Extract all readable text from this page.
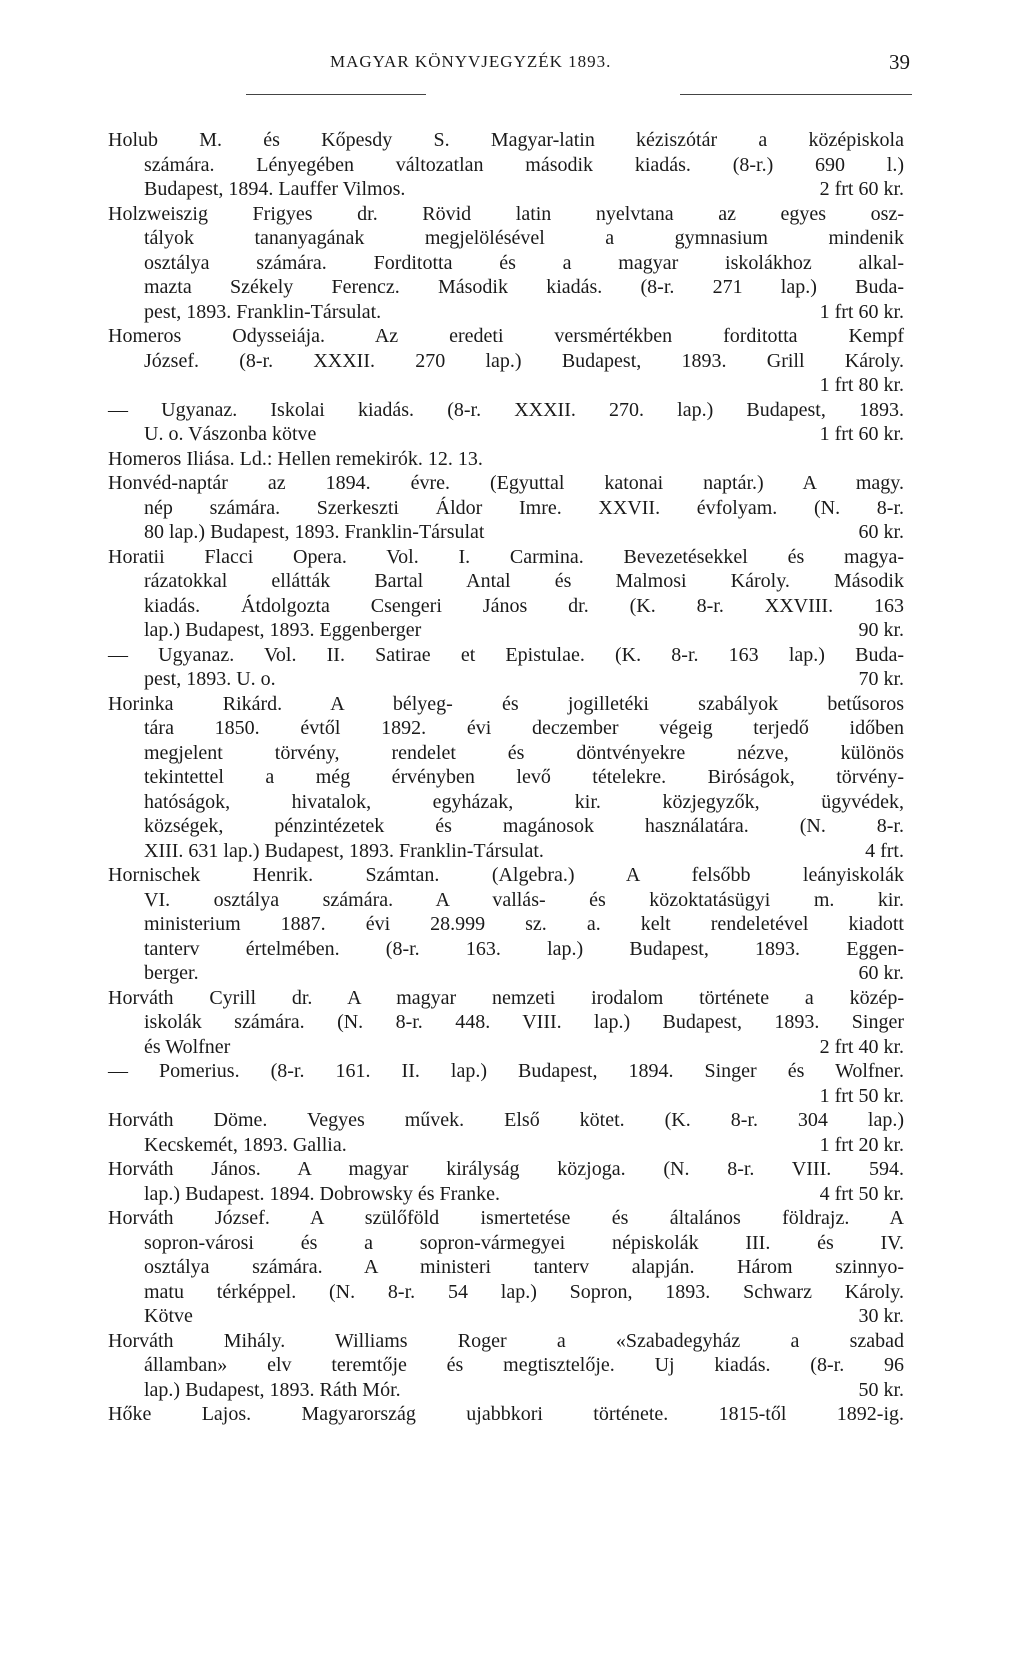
MAGYAR KÖNYVJEGYZÉK 1893.	39
Holub M. és Kőpesdy S. Magyar-latin kéziszótár a középiskola
számára. Lényegében változatlan második kiadás. (8-r.) 690 l.)
Budapest, 1894. Lauffer Vilmos.	2 frt 60 kr.
Holzweiszig Frigyes dr. Rövid latin nyelvtana az egyes osz-
tályok tananyagának megjelölésével a gymnasium mindenik
osztálya számára. Forditotta és a magyar iskolákhoz alkal-
mazta Székely Ferencz. Második kiadás. (8-r. 271 lap.) Buda-
pest, 1893. Franklin-Társulat.	1 frt 60 kr.
Homeros Odysseiája. Az eredeti versmértékben forditotta Kempf
József. (8-r. XXXII. 270 lap.) Budapest, 1893. Grill Károly.
1 frt 80 kr.
— Ugyanaz. Iskolai kiadás. (8-r. XXXII. 270. lap.) Budapest, 1893.
U. o. Vászonba kötve	1 frt 60 kr.
Homeros Iliása. Ld.: Hellen remekirók. 12. 13.
Honvéd-naptár az 1894. évre. (Egyuttal katonai naptár.) A magy.
nép számára. Szerkeszti Áldor Imre. XXVII. évfolyam. (N. 8-r.
80 lap.) Budapest, 1893. Franklin-Társulat	60 kr.
Horatii Flacci Opera. Vol. I. Carmina. Bevezetésekkel és magya-
rázatokkal ellátták Bartal Antal és Malmosi Károly. Második
kiadás. Átdolgozta Csengeri János dr. (K. 8-r. XXVIII. 163
lap.) Budapest, 1893. Eggenberger	90 kr.
— Ugyanaz. Vol. II. Satirae et Epistulae. (K. 8-r. 163 lap.) Buda-
pest, 1893. U. o.	70 kr.
Horinka Rikárd. A bélyeg- és jogilletéki szabályok betűsoros
tára 1850. évtől 1892. évi deczember végeig terjedő időben
megjelent törvény, rendelet és döntvényekre nézve, különös
tekintettel a még érvényben levő tételekre. Biróságok, törvény-
hatóságok, hivatalok, egyházak, kir. közjegyzők, ügyvédek,
községek, pénzintézetek és magánosok használatára. (N. 8-r.
XIII. 631 lap.) Budapest, 1893. Franklin-Társulat.	4 frt.
Hornischek Henrik. Számtan. (Algebra.) A felsőbb leányiskolák
VI. osztálya számára. A vallás- és közoktatásügyi m. kir.
ministerium 1887. évi 28.999 sz. a. kelt rendeletével kiadott
tanterv értelmében. (8-r. 163. lap.) Budapest, 1893. Eggen-
berger.	60 kr.
Horváth Cyrill dr. A magyar nemzeti irodalom története a közép-
iskolák számára. (N. 8-r. 448. VIII. lap.) Budapest, 1893. Singer
és Wolfner	2 frt 40 kr.
— Pomerius. (8-r. 161. II. lap.) Budapest, 1894. Singer és Wolfner.
1 frt 50 kr.
Horváth Döme. Vegyes művek. Első kötet. (K. 8-r. 304 lap.)
Kecskemét, 1893. Gallia.	1 frt 20 kr.
Horváth János. A magyar királyság közjoga. (N. 8-r. VIII. 594.
lap.) Budapest. 1894. Dobrowsky és Franke.	4 frt 50 kr.
Horváth József. A szülőföld ismertetése és általános földrajz. A
sopron-városi és a sopron-vármegyei népiskolák III. és IV.
osztálya számára. A ministeri tanterv alapján. Három szinnyo-
matu térképpel. (N. 8-r. 54 lap.) Sopron, 1893. Schwarz Károly.
Kötve	30 kr.
Horváth Mihály. Williams Roger a «Szabadegyház a szabad
államban» elv teremtője és megtisztelője. Uj kiadás. (8-r. 96
lap.) Budapest, 1893. Ráth Mór.	50 kr.
Hőke Lajos. Magyarország ujabbkori története. 1815-től 1892-ig.
